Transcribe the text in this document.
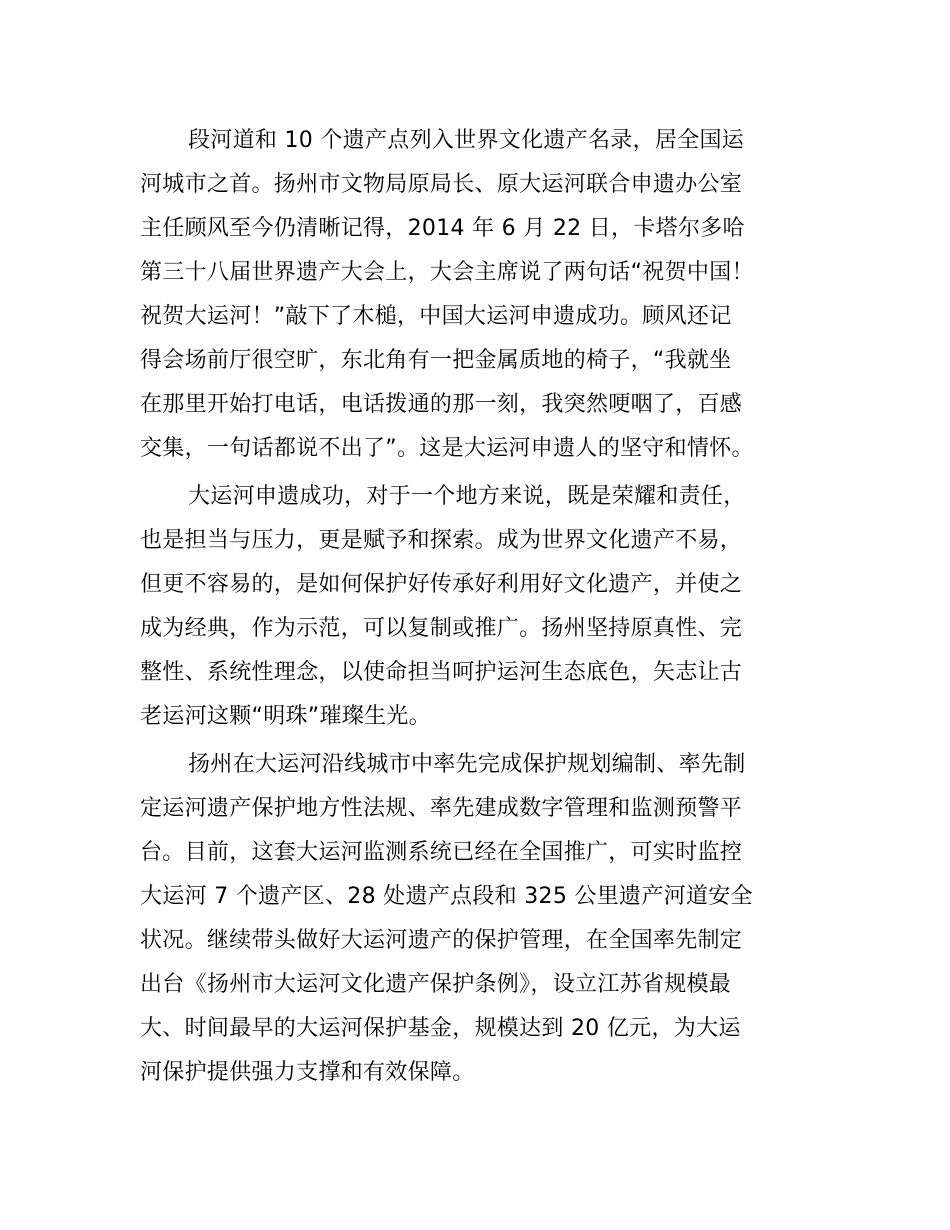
段河道和 10 个遗产点列入世界文化遗产名录，居全国运
河城市之首。扬州市文物局原局长、原大运河联合申遗办公室
主任顾风至今仍清晰记得，2014 年 6 月 22 日，卡塔尔多哈
第三十八届世界遗产大会上，大会主席说了两句话“祝贺中国！
祝贺大运河！”敲下了木槌，中国大运河申遗成功。顾风还记
得会场前厅很空旷，东北角有一把金属质地的椅子，“我就坐
在那里开始打电话，电话拨通的那一刻，我突然哽咽了，百感
交集，一句话都说不出了”。这是大运河申遗人的坚守和情怀。
大运河申遗成功，对于一个地方来说，既是荣耀和责任，
也是担当与压力，更是赋予和探索。成为世界文化遗产不易，
但更不容易的，是如何保护好传承好利用好文化遗产，并使之
成为经典，作为示范，可以复制或推广。扬州坚持原真性、完
整性、系统性理念，以使命担当呵护运河生态底色，矢志让古
老运河这颗“明珠”璀璨生光。
扬州在大运河沿线城市中率先完成保护规划编制、率先制
定运河遗产保护地方性法规、率先建成数字管理和监测预警平
台。目前，这套大运河监测系统已经在全国推广，可实时监控
大运河 7 个遗产区、28 处遗产点段和 325 公里遗产河道安全
状况。继续带头做好大运河遗产的保护管理，在全国率先制定
出台《扬州市大运河文化遗产保护条例》，设立江苏省规模最
大、时间最早的大运河保护基金，规模达到 20 亿元，为大运
河保护提供强力支撑和有效保障。
